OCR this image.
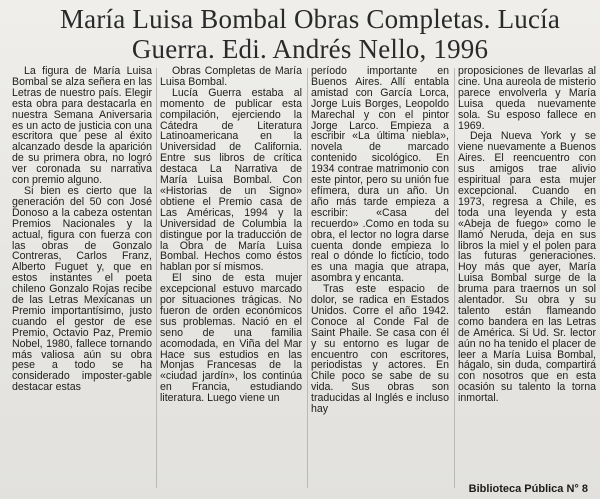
María Luisa Bombal Obras Completas. Lucía
Guerra. Edi. Andrés Nello, 1996

La figura de María Luisa Bombal se alza señera en las Letras de nuestro país. Elegir esta obra para destacarla en nuestra Semana Aniversaria es un acto de justicia con una escritora que pese al éxito alcanzado desde la aparición de su primera obra, no logró ver coronada su narrativa con premio alguno.

Si bien es cierto que la generación del 50 con José Donoso a la cabeza ostentan Premios Nacionales y la actual, figura con fuerza con las obras de Gonzalo Contreras, Carlos Franz, Alberto Fuguet y, que en estos instantes el poeta chileno Gonzalo Rojas recibe de las Letras Mexicanas un Premio importantísimo, justo cuando el gestor de ese Premio, Octavio Paz, Premio Nobel, 1980, fallece tornando más valiosa aún su obra pese a todo se ha considerado imposter-gable destacar estas

Obras Completas de María Luisa Bombal.

Lucía Guerra estaba al momento de publicar esta compilación, ejerciendo la Cátedra de Literatura Latinoamericana en la Universidad de California. Entre sus libros de crítica destaca La Narrativa de María Luisa Bombal. Con «Historias de un Signo» obtiene el Premio casa de Las Américas, 1994 y la Universidad de Columbia la distingue por la traducción de la Obra de María Luisa Bombal. Hechos como éstos hablan por sí mismos.

El sino de esta mujer excepcional estuvo marcado por situaciones trágicas. No fueron de orden económicos sus problemas. Nació en el seno de una familia acomodada, en Viña del Mar Hace sus estudios en las Monjas Francesas de la «ciudad jardín», los continúa en Francia, estudiando literatura. Luego viene un

período importante en Buenos Aires. Allí entabla amistad con García Lorca, Jorge Luis Borges, Leopoldo Marechal y con el pintor Jorge Larco. Empieza a escribir «La última niebla», novela de marcado contenido sicológico. En 1934 contrae matrimonio con este pintor, pero su unión fue efímera, dura un año. Un año más tarde empieza a escribir: «Casa del recuerdo» .Como en toda su obra, el lector no logra darse cuenta donde empieza lo real o dónde lo ficticio, todo es una magia que atrapa, asombra y encanta.

Tras este espacio de dolor, se radica en Estados Unidos. Corre el año 1942. Conoce al Conde Fal de Saint Phaile. Se casa con él y su entorno es lugar de encuentro con escritores, periodistas y actores. En Chile poco se sabe de su vida. Sus obras son traducidas al Inglés e incluso hay

proposiciones de llevarlas al cine. Una aureola de misterio parece envolverla y María Luisa queda nuevamente sola. Su esposo fallece en 1969.

Deja Nueva York y se viene nuevamente a Buenos Aires. El reencuentro con sus amigos trae alivio espiritual para esta mujer excepcional. Cuando en 1973, regresa a Chile, es toda una leyenda y esta «Abeja de fuego» como le llamó Neruda, deja en sus libros la miel y el polen para las futuras generaciones. Hoy más que ayer, María Luisa Bombal surge de la bruma para traernos un sol alentador. Su obra y su talento están flameando como bandera en las Letras de América. Si Ud. Sr. lector aún no ha tenido el placer de leer a María Luisa Bombal, hágalo, sin duda, compartirá con nosotros que en esta ocasión su talento la torna inmortal.

Biblioteca Pública N° 8
